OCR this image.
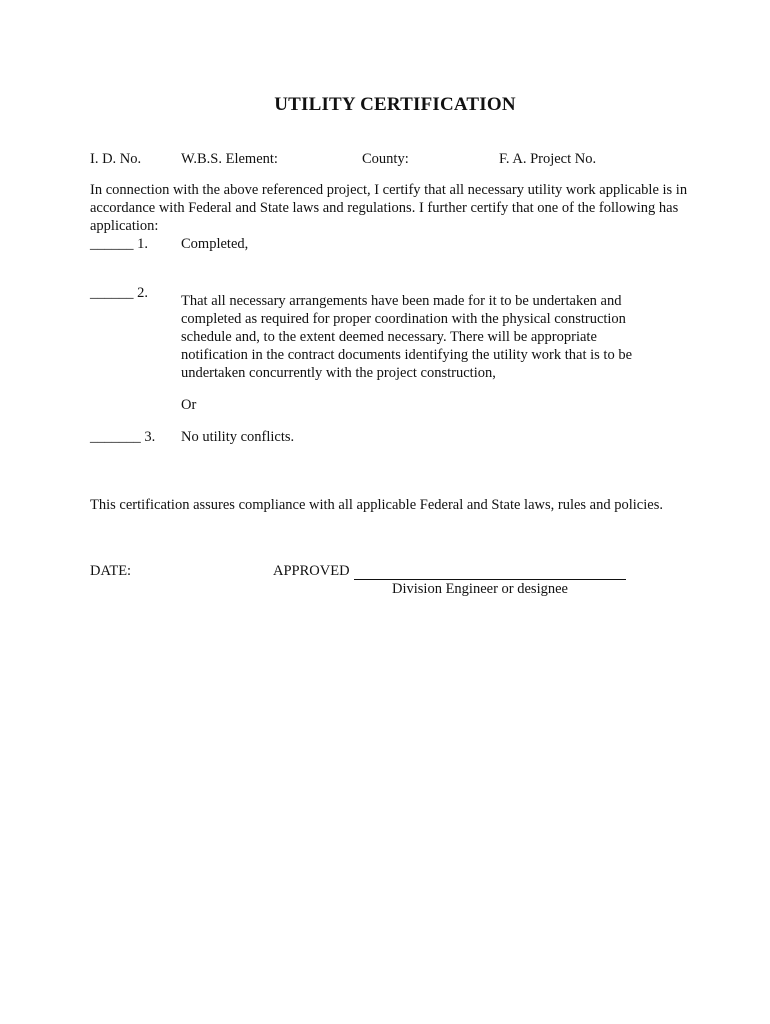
UTILITY CERTIFICATION
I. D. No.	W.B.S. Element:	County:	F. A. Project No.
In connection with the above referenced project, I certify that all necessary utility work applicable is in accordance with Federal and State laws and regulations. I further certify that one of the following has application:
______ 1. Completed,
______ 2. That all necessary arrangements have been made for it to be undertaken and completed as required for proper coordination with the physical construction schedule and, to the extent deemed necessary. There will be appropriate notification in the contract documents identifying the utility work that is to be undertaken concurrently with the project construction,
Or
_______ 3. No utility conflicts.
This certification assures compliance with all applicable Federal and State laws, rules and policies.
DATE:	APPROVED
Division Engineer or designee
